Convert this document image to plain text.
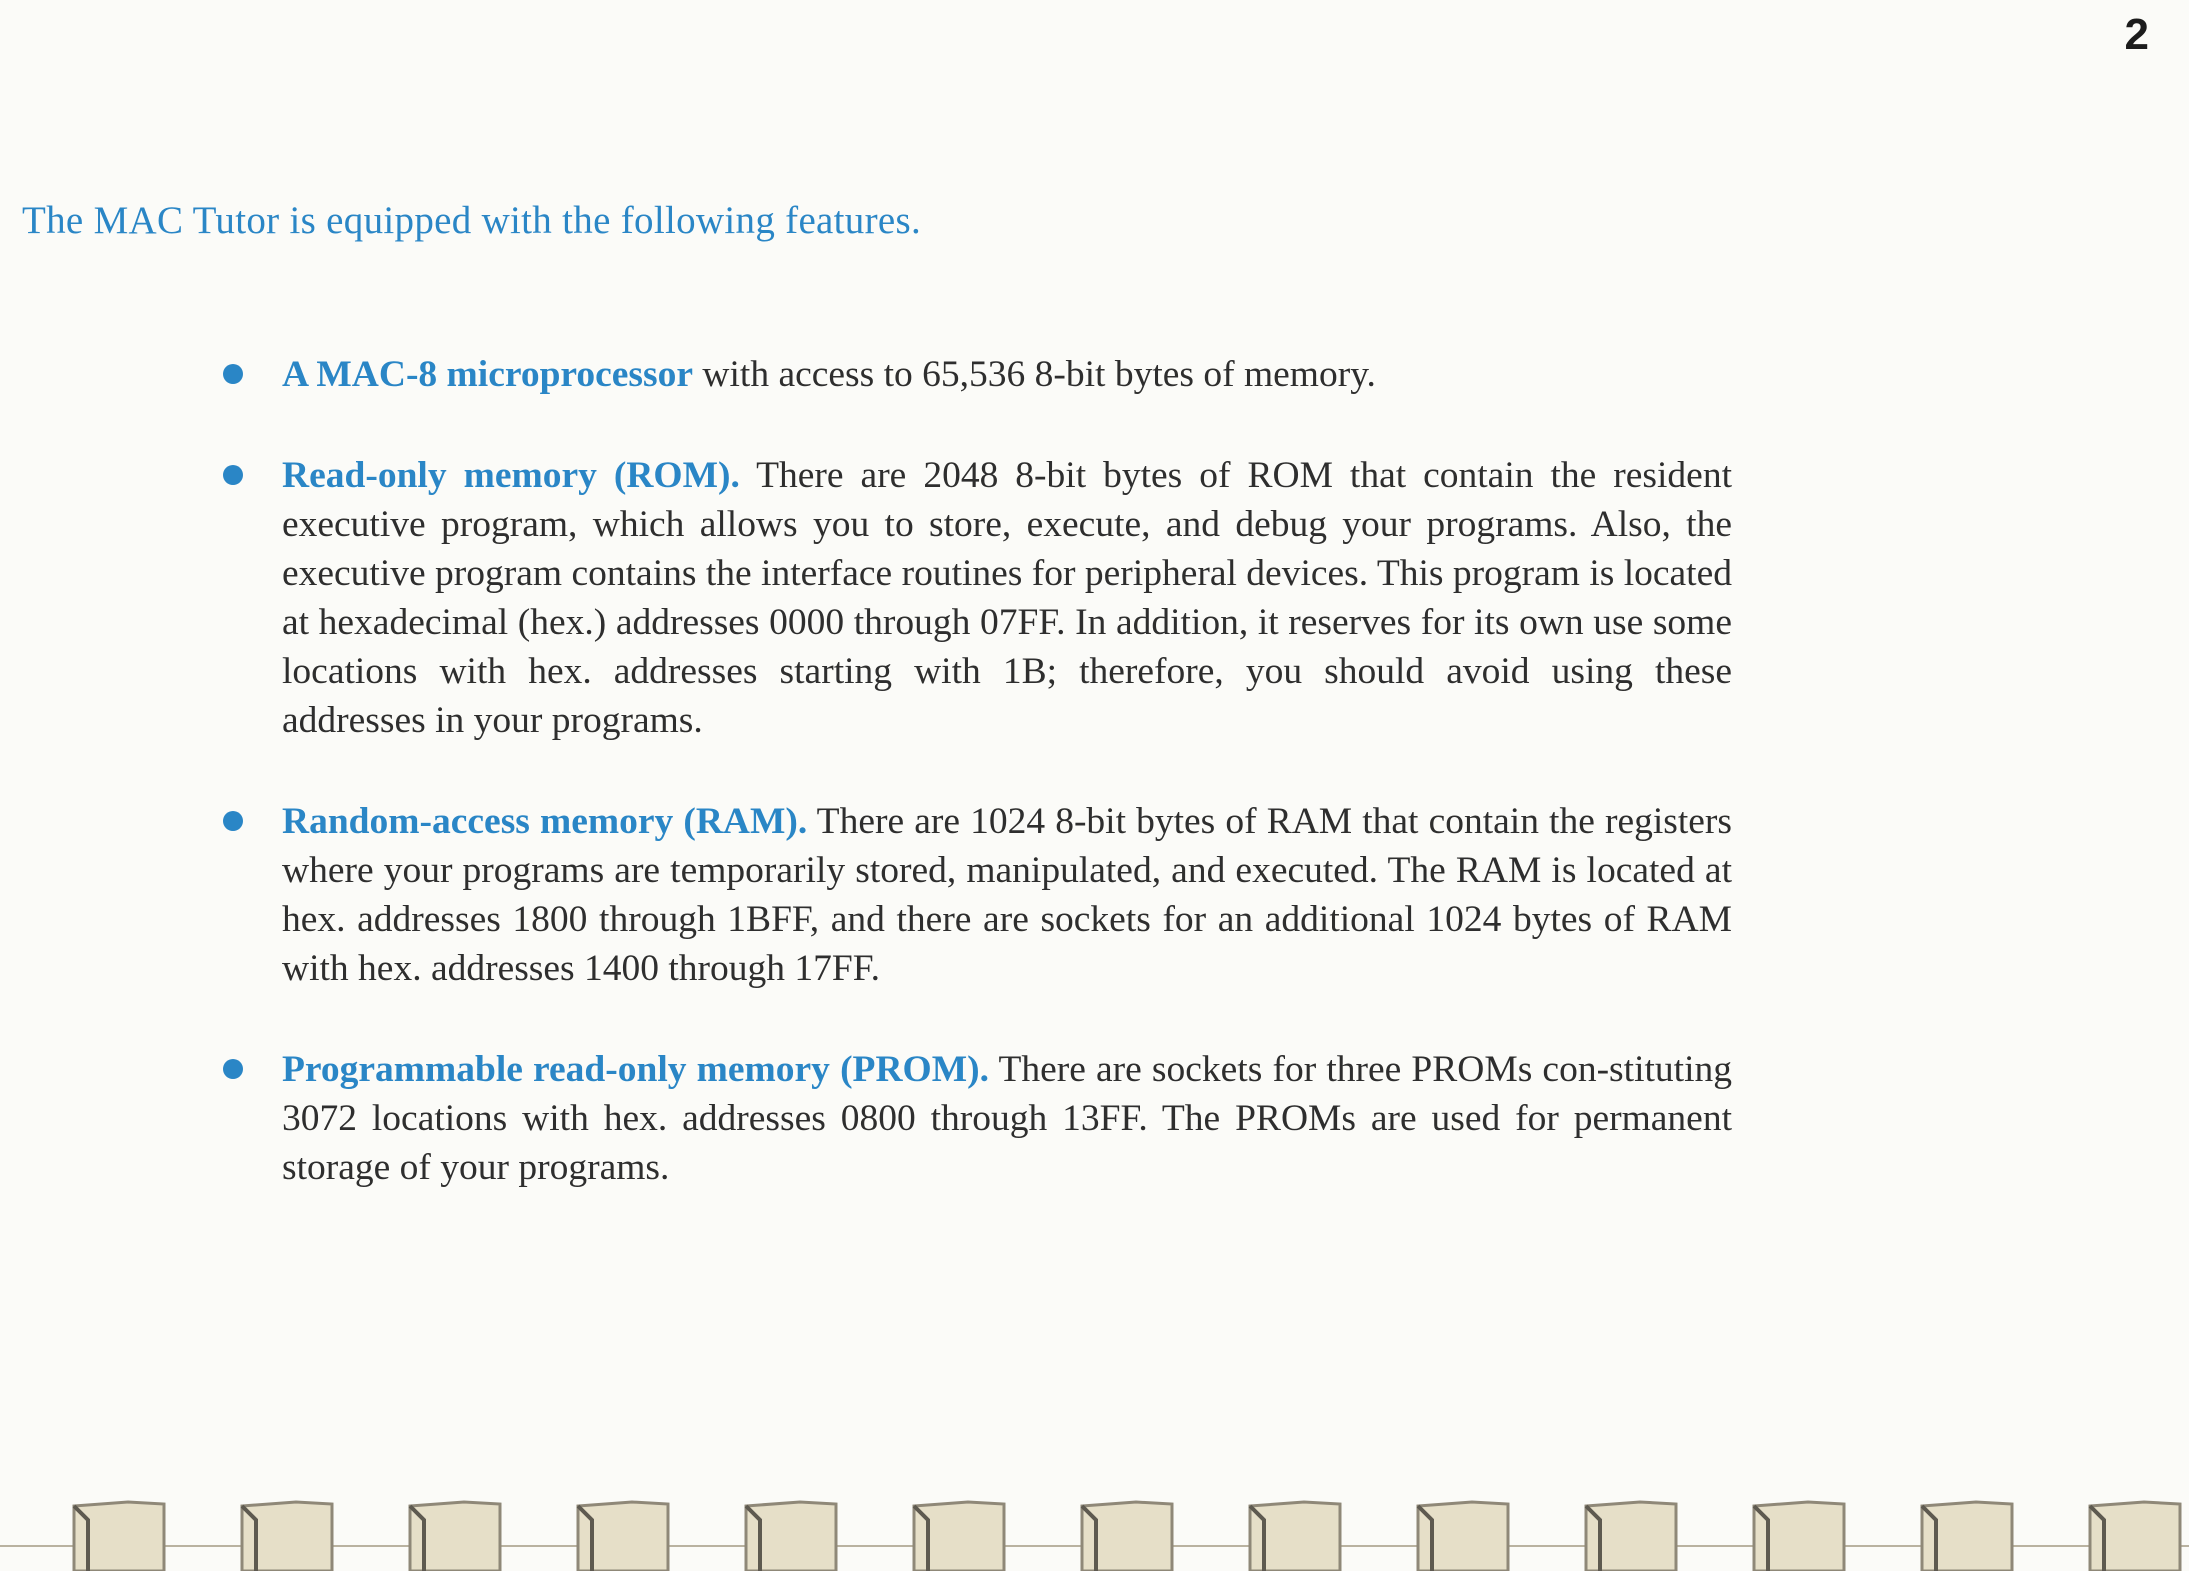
2
The MAC Tutor is equipped with the following features.
A MAC-8 microprocessor with access to 65,536 8-bit bytes of memory.
Read-only memory (ROM). There are 2048 8-bit bytes of ROM that contain the resident executive program, which allows you to store, execute, and debug your programs. Also, the executive program contains the interface routines for peripheral devices. This program is located at hexadecimal (hex.) addresses 0000 through 07FF. In addition, it reserves for its own use some locations with hex. addresses starting with 1B; therefore, you should avoid using these addresses in your programs.
Random-access memory (RAM). There are 1024 8-bit bytes of RAM that contain the registers where your programs are temporarily stored, manipulated, and executed. The RAM is located at hex. addresses 1800 through 1BFF, and there are sockets for an additional 1024 bytes of RAM with hex. addresses 1400 through 17FF.
Programmable read-only memory (PROM). There are sockets for three PROMs con-stituting 3072 locations with hex. addresses 0800 through 13FF. The PROMs are used for permanent storage of your programs.
